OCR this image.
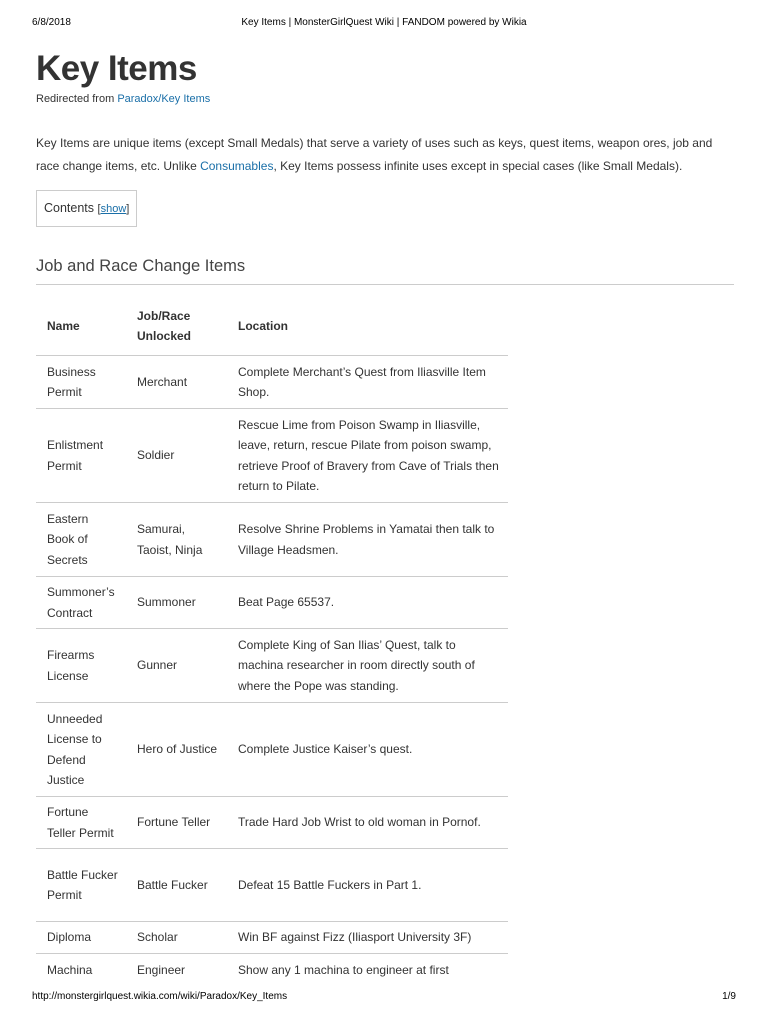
6/8/2018	Key Items | MonsterGirlQuest Wiki | FANDOM powered by Wikia
Key Items
Redirected from Paradox/Key Items

Key Items are unique items (except Small Medals) that serve a variety of uses such as keys, quest items, weapon ores, job and race change items, etc. Unlike Consumables, Key Items possess infinite uses except in special cases (like Small Medals).

Contents [show]
Job and Race Change Items
Name	Job/Race Unlocked	Location
Business Permit	Merchant	Complete Merchant’s Quest from Iliasville Item Shop.
Enlistment Permit	Soldier	Rescue Lime from Poison Swamp in Iliasville, leave, return, rescue Pilate from poison swamp, retrieve Proof of Bravery from Cave of Trials then return to Pilate.
Eastern Book of Secrets	Samurai, Taoist, Ninja	Resolve Shrine Problems in Yamatai then talk to Village Headsmen.
Summoner’s Contract	Summoner	Beat Page 65537.
Firearms License	Gunner	Complete King of San Ilias’ Quest, talk to machina researcher in room directly south of where the Pope was standing.
Unneeded License to Defend Justice	Hero of Justice	Complete Justice Kaiser’s quest.
Fortune Teller Permit	Fortune Teller	Trade Hard Job Wrist to old woman in Pornof.
Battle Fucker Permit	Battle Fucker	Defeat 15 Battle Fuckers in Part 1.
Diploma	Scholar	Win BF against Fizz (Iliasport University 3F)
Machina	Engineer	Show any 1 machina to engineer at first
http://monstergirlquest.wikia.com/wiki/Paradox/Key_Items	1/9
